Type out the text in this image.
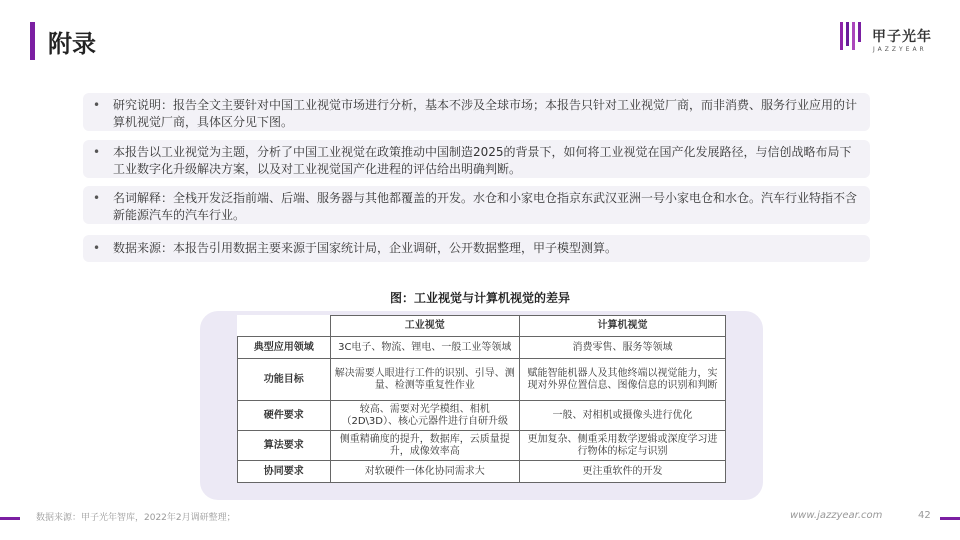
附录	甲子光年
JAZZYEAR
• 研究说明：报告全文主要针对中国工业视觉市场进行分析，基本不涉及全球市场；本报告只针对工业视觉厂商，而非消费、服务行业应用的计算机视觉厂商，具体区分见下图。
• 本报告以工业视觉为主题，分析了中国工业视觉在政策推动中国制造2025的背景下，如何将工业视觉在国产化发展路径，与信创战略布局下工业数字化升级解决方案，以及对工业视觉国产化进程的评估给出明确判断。
• 名词解释：全栈开发泛指前端、后端、服务器与其他都覆盖的开发。水仓和小家电仓指京东武汉亚洲一号小家电仓和水仓。汽车行业特指不含新能源汽车的汽车行业。
• 数据来源：本报告引用数据主要来源于国家统计局，企业调研，公开数据整理，甲子模型测算。
图：工业视觉与计算机视觉的差异
	工业视觉	计算机视觉
典型应用领域	3C电子、物流、锂电、一般工业等领域	消费零售、服务等领域
功能目标	解决需要人眼进行工件的识别、引导、测量、检测等重复性作业	赋能智能机器人及其他终端以视觉能力，实现对外界位置信息、图像信息的识别和判断
硬件要求	较高、需要对光学模组、相机（2D\3D）、核心元器件进行自研升级	一般、对相机或摄像头进行优化
算法要求	侧重精确度的提升，数据库，云质量提升，成像效率高	更加复杂、侧重采用数学逻辑或深度学习进行物体的标定与识别
协同要求	对软硬件一体化协同需求大	更注重软件的开发
数据来源：甲子光年智库，2022年2月调研整理；	www.jazzyear.com	42
